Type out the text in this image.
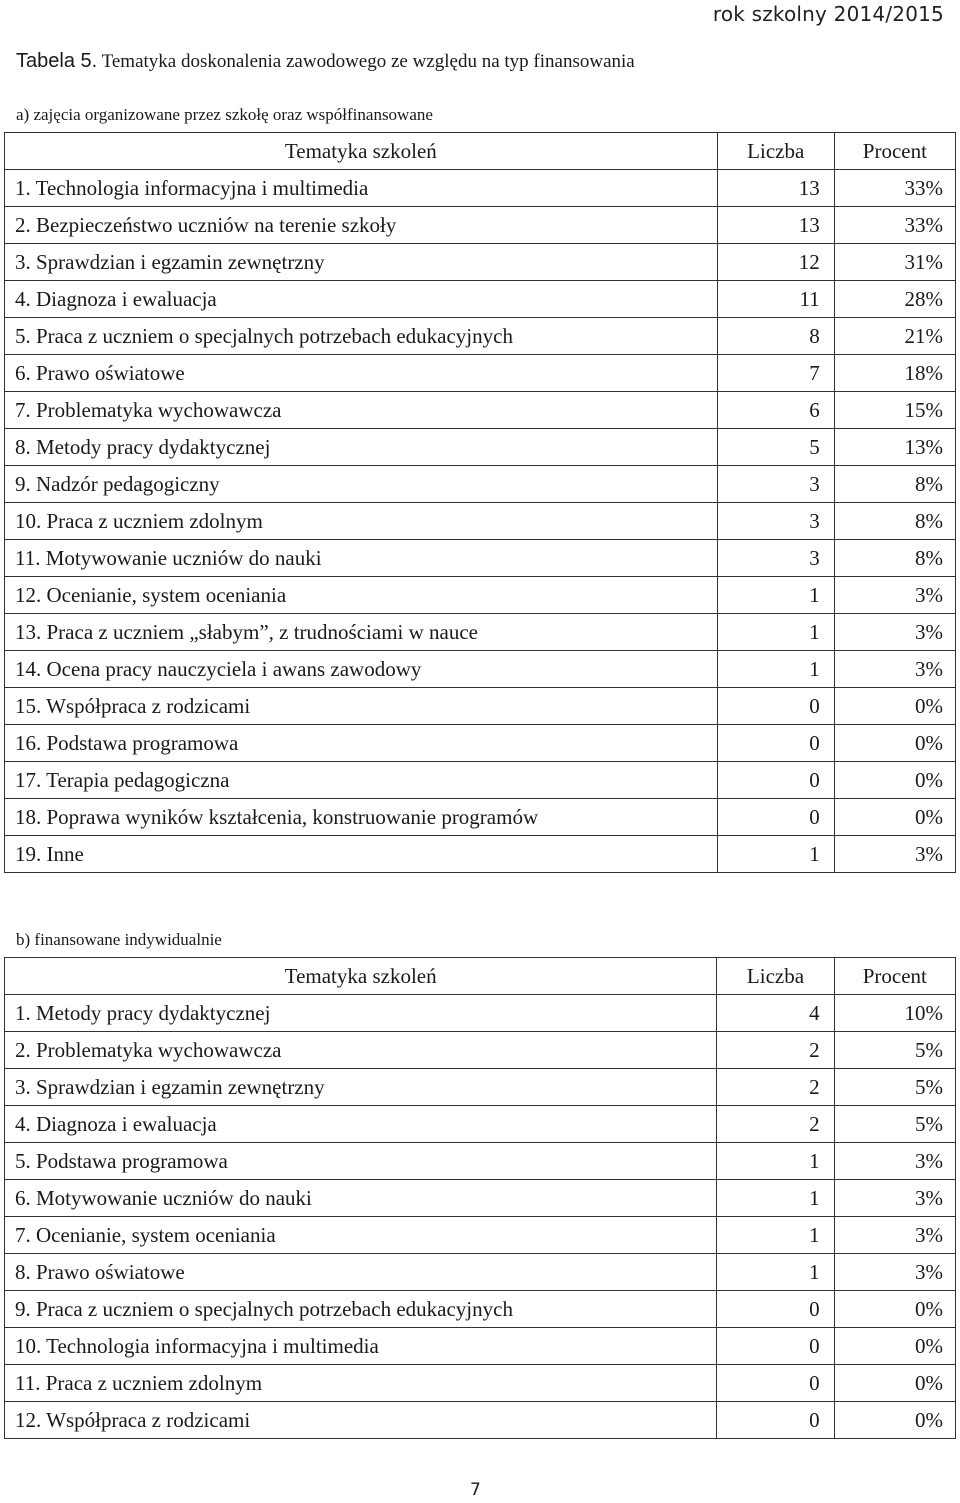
rok szkolny 2014/2015
Tabela 5. Tematyka doskonalenia zawodowego ze względu na typ finansowania
a) zajęcia organizowane przez szkołę oraz współfinansowane
Tematyka szkoleń	Liczba	Procent
1. Technologia informacyjna i multimedia	13	33%
2. Bezpieczeństwo uczniów na terenie szkoły	13	33%
3. Sprawdzian i egzamin zewnętrzny	12	31%
4. Diagnoza i ewaluacja	11	28%
5. Praca z uczniem o specjalnych potrzebach edukacyjnych	8	21%
6. Prawo oświatowe	7	18%
7. Problematyka wychowawcza	6	15%
8. Metody pracy dydaktycznej	5	13%
9. Nadzór pedagogiczny	3	8%
10. Praca z uczniem zdolnym	3	8%
11. Motywowanie uczniów do nauki	3	8%
12. Ocenianie, system oceniania	1	3%
13. Praca z uczniem „słabym”, z trudnościami w nauce	1	3%
14. Ocena pracy nauczyciela i awans zawodowy	1	3%
15. Współpraca z rodzicami	0	0%
16. Podstawa programowa	0	0%
17. Terapia pedagogiczna	0	0%
18. Poprawa wyników kształcenia, konstruowanie programów	0	0%
19. Inne	1	3%
b) finansowane indywidualnie
Tematyka szkoleń	Liczba	Procent
1. Metody pracy dydaktycznej	4	10%
2. Problematyka wychowawcza	2	5%
3. Sprawdzian i egzamin zewnętrzny	2	5%
4. Diagnoza i ewaluacja	2	5%
5. Podstawa programowa	1	3%
6. Motywowanie uczniów do nauki	1	3%
7. Ocenianie, system oceniania	1	3%
8. Prawo oświatowe	1	3%
9. Praca z uczniem o specjalnych potrzebach edukacyjnych	0	0%
10. Technologia informacyjna i multimedia	0	0%
11. Praca z uczniem zdolnym	0	0%
12. Współpraca z rodzicami	0	0%
7
